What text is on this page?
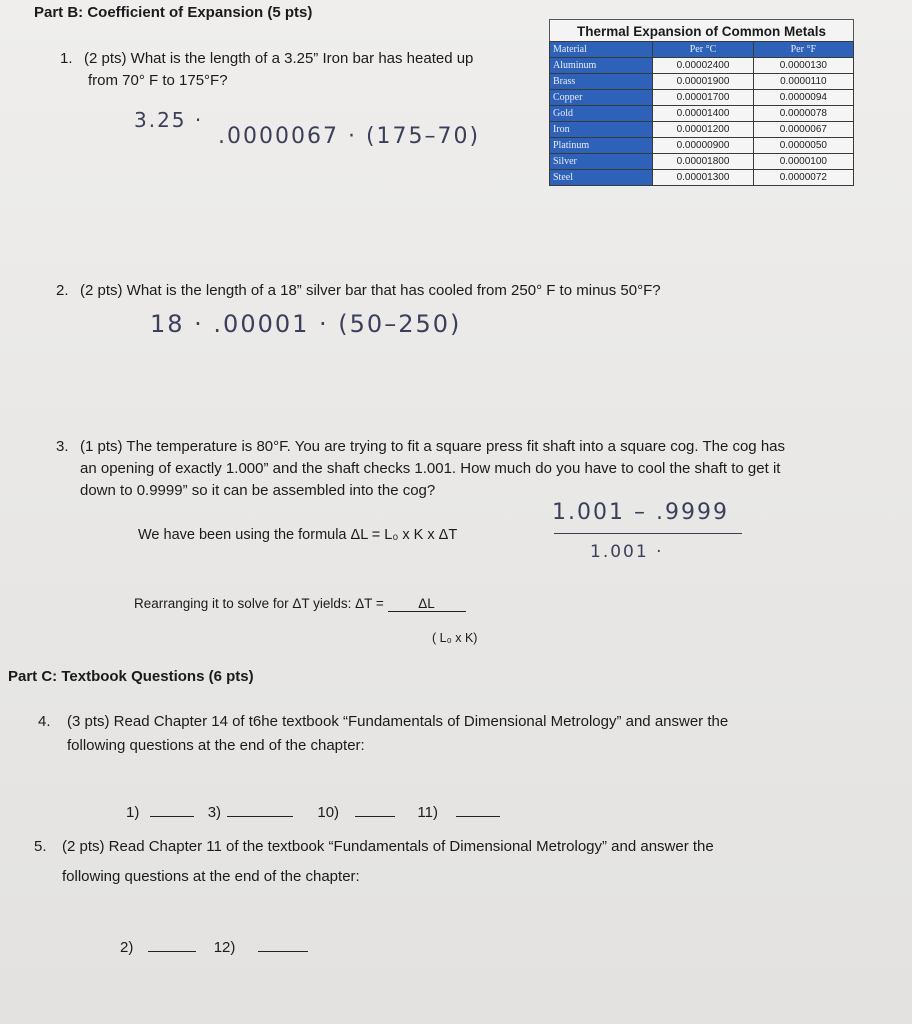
Part B: Coefficient of Expansion (5 pts)
1. (2 pts) What is the length of a 3.25” Iron bar has heated up
from 70° F to 175°F?
3.25 ·
.0000067 · (175–70)
Thermal Expansion of Common Metals
Material	Per °C	Per °F
Aluminum	0.00002400	0.0000130
Brass	0.00001900	0.0000110
Copper	0.00001700	0.0000094
Gold	0.00001400	0.0000078
Iron	0.00001200	0.0000067
Platinum	0.00000900	0.0000050
Silver	0.00001800	0.0000100
Steel	0.00001300	0.0000072
2. (2 pts) What is the length of a 18” silver bar that has cooled from 250° F to minus 50°F?
18 · .00001 · (50–250)
3. (1 pts) The temperature is 80°F. You are trying to fit a square press fit shaft into a square cog. The cog has
an opening of exactly 1.000” and the shaft checks 1.001. How much do you have to cool the shaft to get it
down to 0.9999” so it can be assembled into the cog?
1.001 – .9999
1.001 ·
We have been using the formula ΔL = L₀ x K x ΔT
Rearranging it to solve for ΔT yields: ΔT = ΔL
( L₀ x K)
Part C: Textbook Questions (6 pts)
4. (3 pts) Read Chapter 14 of t6he textbook “Fundamentals of Dimensional Metrology” and answer the
following questions at the end of the chapter:
1)	3)	10)	11)
5. (2 pts) Read Chapter 11 of the textbook “Fundamentals of Dimensional Metrology” and answer the
following questions at the end of the chapter:
2)	12)
